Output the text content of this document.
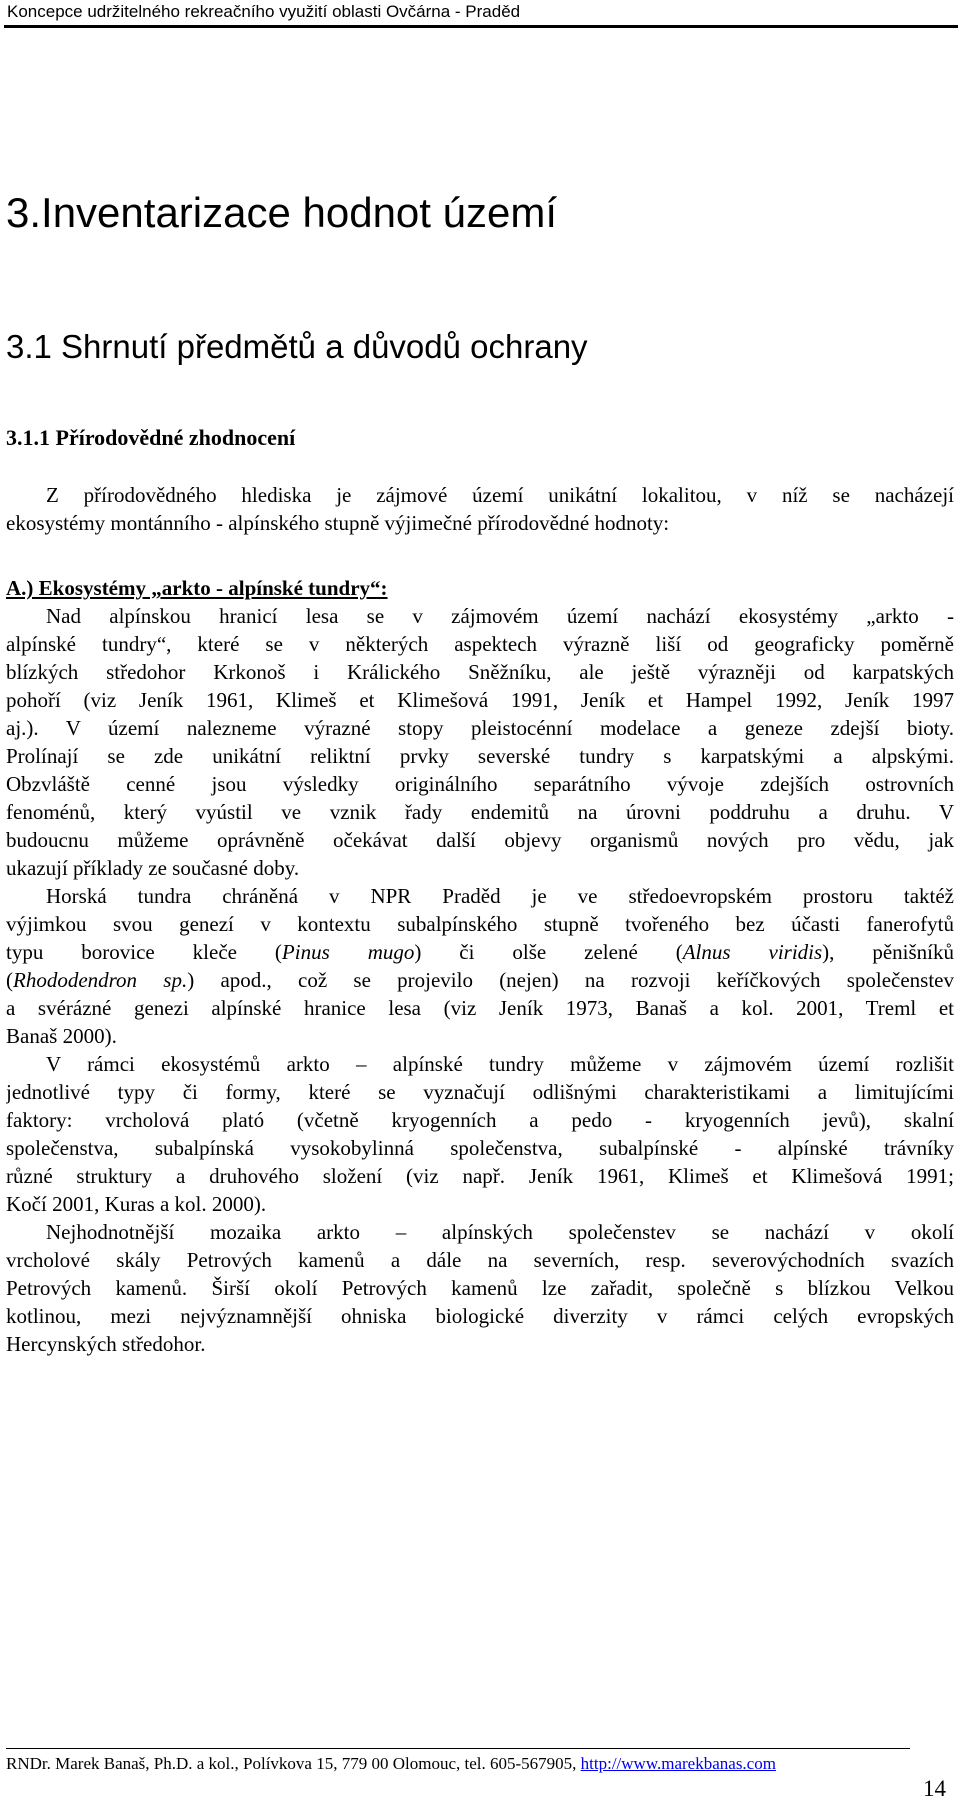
Koncepce udržitelného rekreačního využití oblasti Ovčárna - Praděd
3.Inventarizace hodnot území
3.1 Shrnutí předmětů a důvodů ochrany
3.1.1 Přírodovědné zhodnocení
Z přírodovědného hlediska je zájmové území unikátní lokalitou, v níž se nacházejí
ekosystémy montánního - alpínského stupně výjimečné přírodovědné hodnoty:
A.) Ekosystémy „arkto - alpínské tundry“:
Nad alpínskou hranicí lesa se v zájmovém území nachází ekosystémy „arkto -
alpínské tundry“, které se v některých aspektech výrazně liší od geograficky poměrně
blízkých středohor Krkonoš i Králického Sněžníku, ale ještě výrazněji od karpatských
pohoří (viz Jeník 1961, Klimeš et Klimešová 1991, Jeník et Hampel 1992, Jeník 1997
aj.). V území nalezneme výrazné stopy pleistocénní modelace a geneze zdejší bioty.
Prolínají se zde unikátní reliktní prvky severské tundry s karpatskými a alpskými.
Obzvláště cenné jsou výsledky originálního separátního vývoje zdejších ostrovních
fenoménů, který vyústil ve vznik řady endemitů na úrovni poddruhu a druhu. V
budoucnu můžeme oprávněně očekávat další objevy organismů nových pro vědu, jak
ukazují příklady ze současné doby.
Horská tundra chráněná v NPR Praděd je ve středoevropském prostoru taktéž
výjimkou svou genezí v kontextu subalpínského stupně tvořeného bez účasti fanerofytů
typu borovice kleče (Pinus mugo) či olše zelené (Alnus viridis), pěnišníků
(Rhododendron sp.) apod., což se projevilo (nejen) na rozvoji keříčkových společenstev
a svérázné genezi alpínské hranice lesa (viz Jeník 1973, Banaš a kol. 2001, Treml et
Banaš 2000).
V rámci ekosystémů arkto – alpínské tundry můžeme v zájmovém území rozlišit
jednotlivé typy či formy, které se vyznačují odlišnými charakteristikami a limitujícími
faktory: vrcholová plató (včetně kryogenních a pedo - kryogenních jevů), skalní
společenstva, subalpínská vysokobylinná společenstva, subalpínské - alpínské trávníky
různé struktury a druhového složení (viz např. Jeník 1961, Klimeš et Klimešová 1991;
Kočí 2001, Kuras a kol. 2000).
Nejhodnotnější mozaika arkto – alpínských společenstev se nachází v okolí
vrcholové skály Petrových kamenů a dále na severních, resp. severovýchodních svazích
Petrových kamenů. Širší okolí Petrových kamenů lze zařadit, společně s blízkou Velkou
kotlinou, mezi nejvýznamnější ohniska biologické diverzity v rámci celých evropských
Hercynských středohor.
RNDr. Marek Banaš, Ph.D. a kol., Polívkova 15, 779 00 Olomouc, tel. 605-567905, http://www.marekbanas.com
14
